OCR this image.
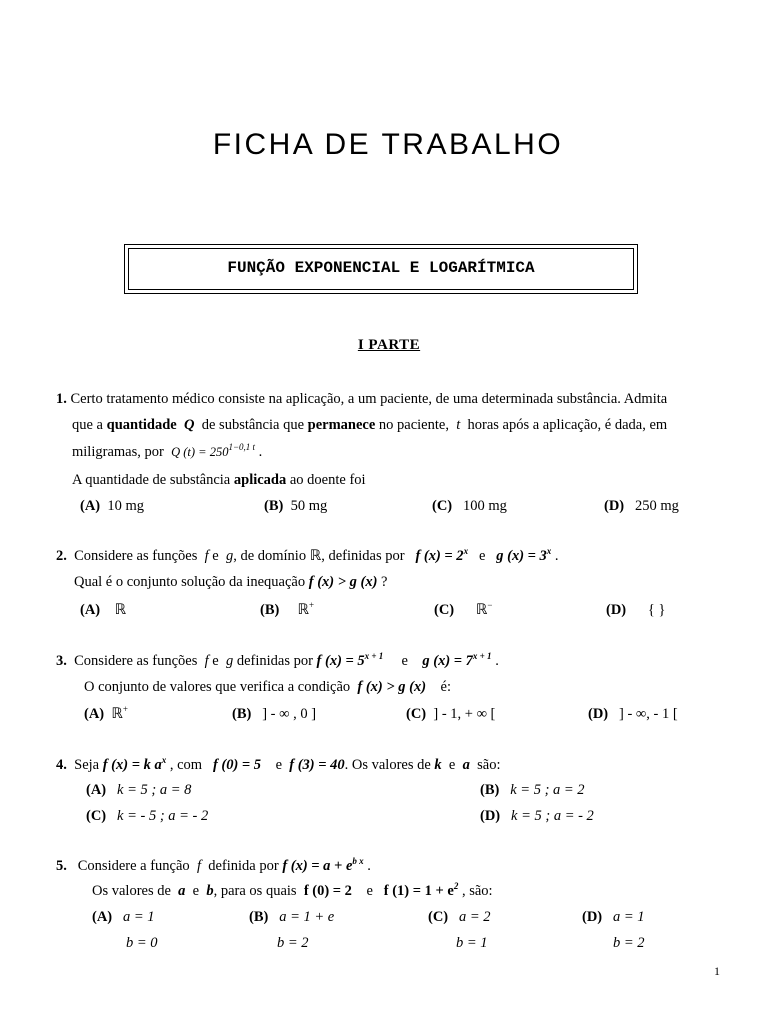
FICHA DE TRABALHO
FUNÇÃO EXPONENCIAL E LOGARÍTMICA
I PARTE
1. Certo tratamento médico consiste na aplicação, a um paciente, de uma determinada substância. Admita
que a quantidade Q de substância que permanece no paciente,  t  horas após a aplicação, é dada, em
miligramas, por  Q $(t) = 250^{1-0,1 t}$ .
A quantidade de substância aplicada ao doente foi
(A) 10 mg	(B) 50 mg	(C) 100 mg	(D) 250 mg
2. Considere as funções  f e  g, de domínio ℝ, definidas por   f $(x) = 2^x$ e g $(x) = 3^x$ .
Qual é o conjunto solução da inequação f (x) > g (x) ?
(A) ℝ	(B) ℝ+	(C) ℝ−	(D) { }
3. Considere as funções  f e  g definidas por f $(x) = 5^{x + 1}$ e g $(x) = 7^{x + 1}$ .
O conjunto de valores que verifica a condição  f (x) > g (x)    é:
(A) ℝ+	(B) ] - ∞ , 0 ]	(C) ] - 1, + ∞ [	(D) ] - ∞, - 1 [
4. Seja f (x) = k $a^x$ , com   f (0) = 5    e  f (3) = 40. Os valores de k  e  a  são:
(A) k = 5 ; a = 8	(B) k = 5 ; a = 2
(C) k = - 5 ; a = - 2	(D) k = 5 ; a = - 2
5. Considere a função  f  definida por f $(x) = a + e^{b x}$ .
Os valores de  a  e  b, para os quais  f (0) = 2    e   f $(1) = 1 + e^2$ , são:
(A) a = 1
b = 0
(B) a = 1 + e
b = 2
(C) a = 2
b = 1
(D) a = 1
b = 2
1
